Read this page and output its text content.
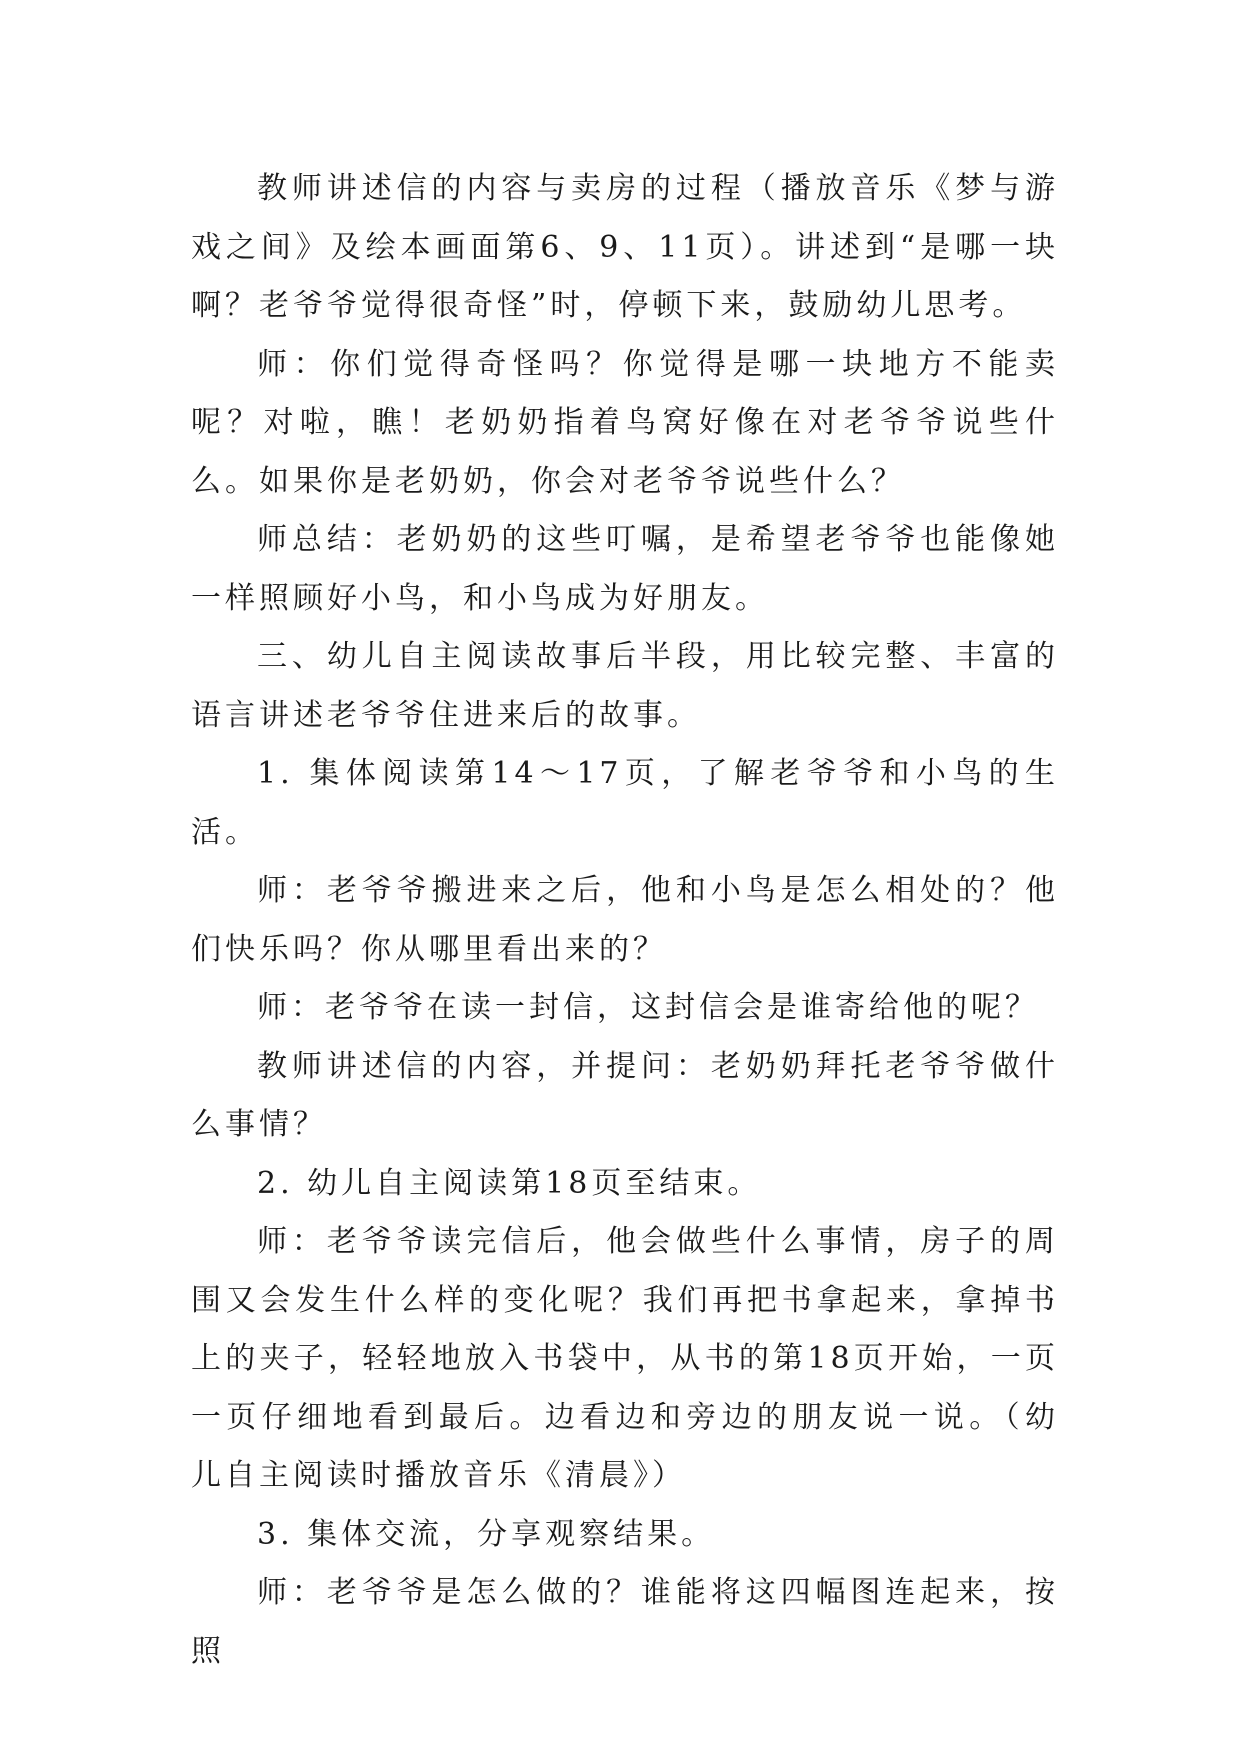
教师讲述信的内容与卖房的过程（播放音乐《梦与游戏之间》及绘本画面第6、9、11页）。讲述到“是哪一块啊？老爷爷觉得很奇怪”时，停顿下来，鼓励幼儿思考。

师：你们觉得奇怪吗？你觉得是哪一块地方不能卖呢？对啦，瞧！老奶奶指着鸟窝好像在对老爷爷说些什么。如果你是老奶奶，你会对老爷爷说些什么？

师总结：老奶奶的这些叮嘱，是希望老爷爷也能像她一样照顾好小鸟，和小鸟成为好朋友。

三、幼儿自主阅读故事后半段，用比较完整、丰富的语言讲述老爷爷住进来后的故事。

1. 集体阅读第14～17页，了解老爷爷和小鸟的生活。

师：老爷爷搬进来之后，他和小鸟是怎么相处的？他们快乐吗？你从哪里看出来的？

师：老爷爷在读一封信，这封信会是谁寄给他的呢？

教师讲述信的内容，并提问：老奶奶拜托老爷爷做什么事情？

2. 幼儿自主阅读第18页至结束。

师：老爷爷读完信后，他会做些什么事情，房子的周围又会发生什么样的变化呢？我们再把书拿起来，拿掉书上的夹子，轻轻地放入书袋中，从书的第18页开始，一页一页仔细地看到最后。边看边和旁边的朋友说一说。（幼儿自主阅读时播放音乐《清晨》）

3. 集体交流，分享观察结果。

师：老爷爷是怎么做的？谁能将这四幅图连起来，按照
